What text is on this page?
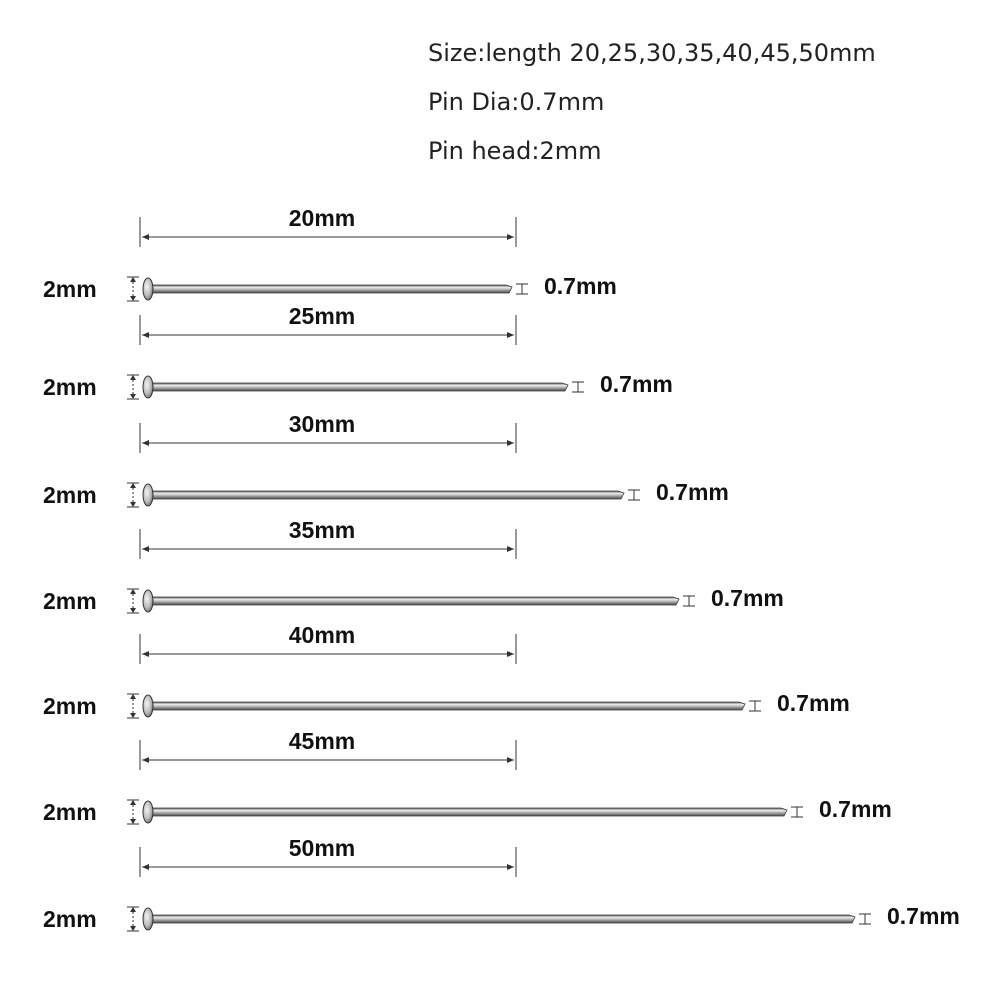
Size:length 20,25,30,35,40,45,50mm
Pin Dia:0.7mm
Pin head:2mm
20mm
2mm	0.7mm
25mm
2mm	0.7mm
30mm
2mm	0.7mm
35mm
2mm	0.7mm
40mm
2mm	0.7mm
45mm
2mm	0.7mm
50mm
2mm	0.7mm
